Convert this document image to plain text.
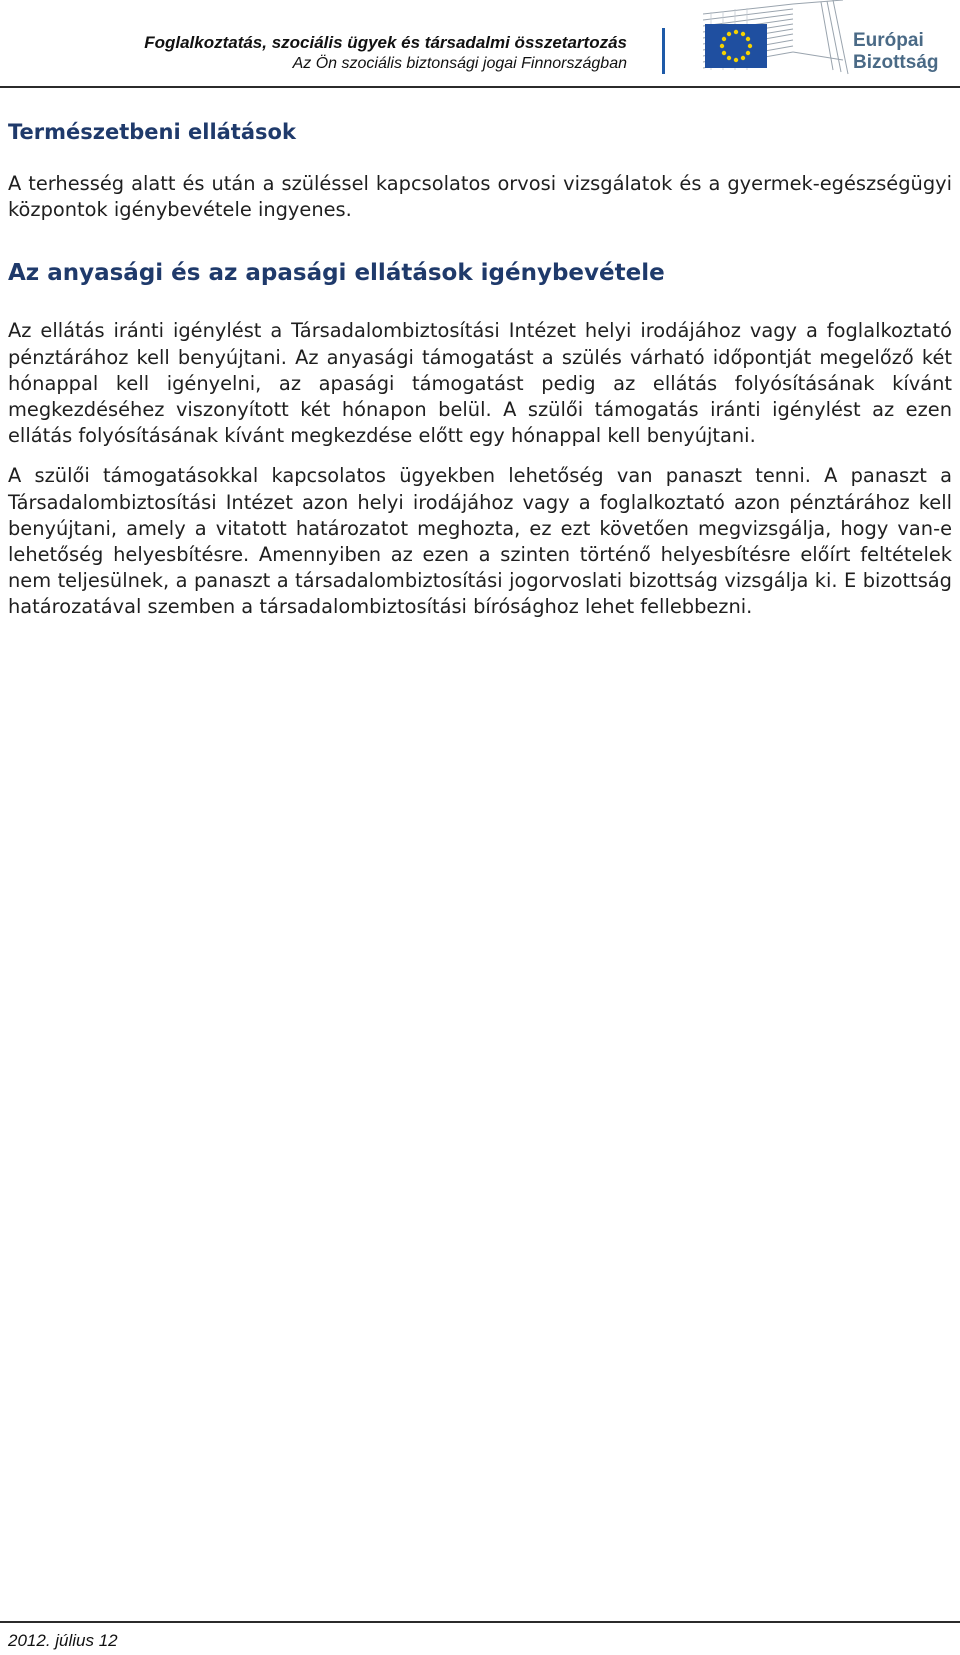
Foglalkoztatás, szociális ügyek és társadalmi összetartozás
Az Ön szociális biztonsági jogai Finnországban
Európai
Bizottság
Természetbeni ellátások

A terhesség alatt és után a szüléssel kapcsolatos orvosi vizsgálatok és a gyermek-egészségügyi központok igénybevétele ingyenes.

Az anyasági és az apasági ellátások igénybevétele

Az ellátás iránti igénylést a Társadalombiztosítási Intézet helyi irodájához vagy a foglalkoztató pénztárához kell benyújtani. Az anyasági támogatást a szülés várható időpontját megelőző két hónappal kell igényelni, az apasági támogatást pedig az ellátás folyósításának kívánt megkezdéséhez viszonyított két hónapon belül. A szülői támogatás iránti igénylést az ezen ellátás folyósításának kívánt megkezdése előtt egy hónappal kell benyújtani.

A szülői támogatásokkal kapcsolatos ügyekben lehetőség van panaszt tenni. A panaszt a Társadalombiztosítási Intézet azon helyi irodájához vagy a foglalkoztató azon pénztárához kell benyújtani, amely a vitatott határozatot meghozta, ez ezt követően megvizsgálja, hogy van-e lehetőség helyesbítésre. Amennyiben az ezen a szinten történő helyesbítésre előírt feltételek nem teljesülnek, a panaszt a társadalombiztosítási jogorvoslati bizottság vizsgálja ki. E bizottság határozatával szemben a társadalombiztosítási bírósághoz lehet fellebbezni.

2012. július 12
